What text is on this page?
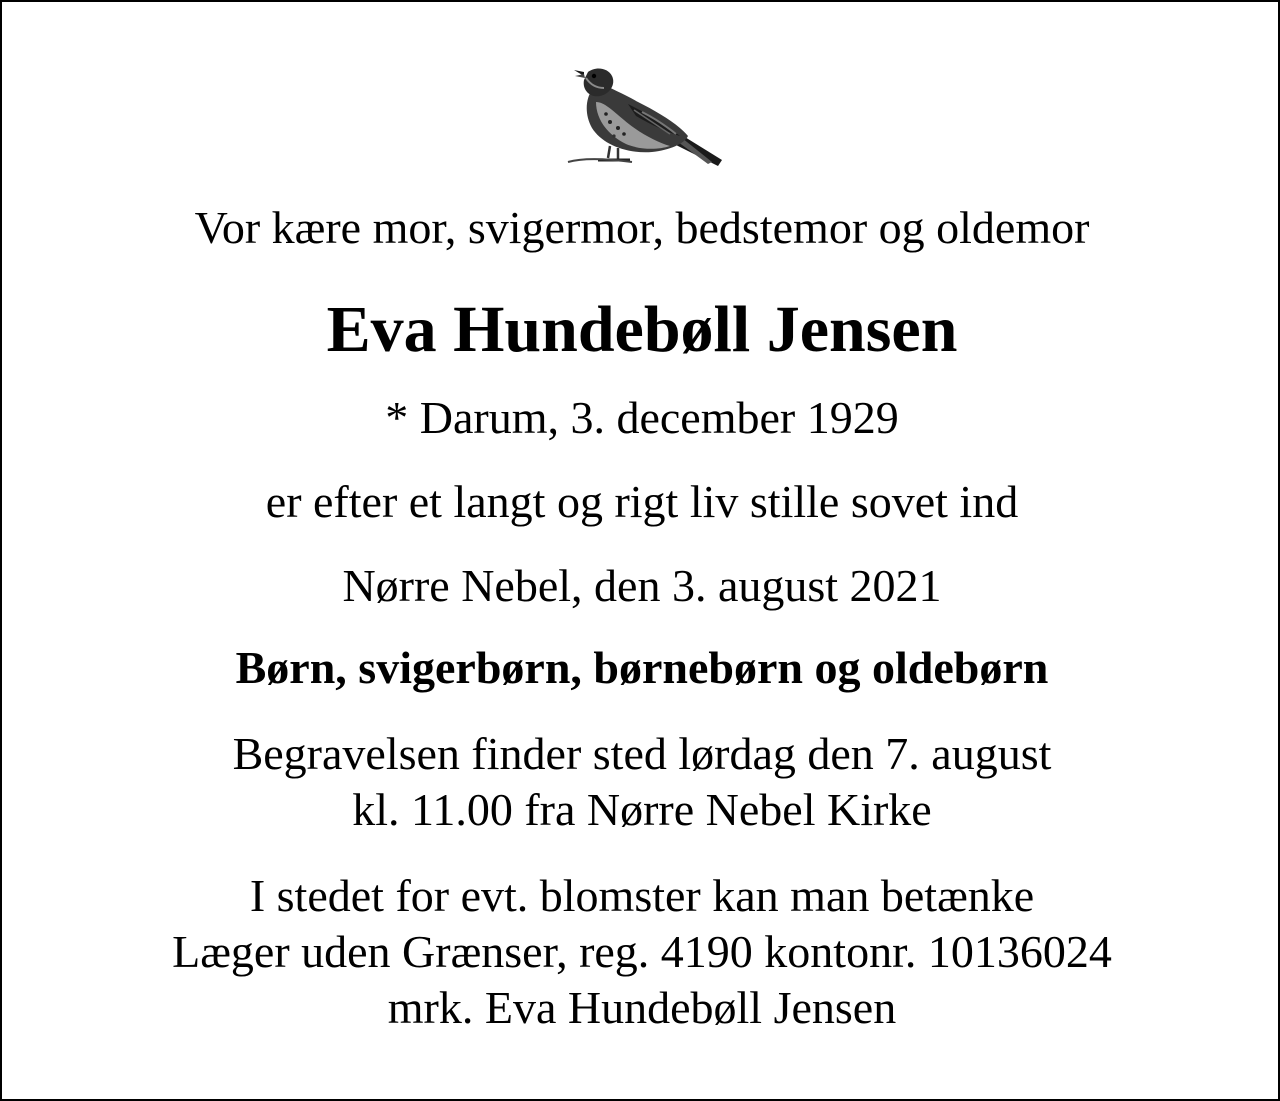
Vor kære mor, svigermor, bedstemor og oldemor

Eva Hundebøll Jensen

* Darum, 3. december 1929

er efter et langt og rigt liv stille sovet ind

Nørre Nebel, den 3. august 2021

Børn, svigerbørn, børnebørn og oldebørn

Begravelsen finder sted lørdag den 7. august

kl. 11.00 fra Nørre Nebel Kirke

I stedet for evt. blomster kan man betænke

Læger uden Grænser, reg. 4190 kontonr. 10136024

mrk. Eva Hundebøll Jensen
